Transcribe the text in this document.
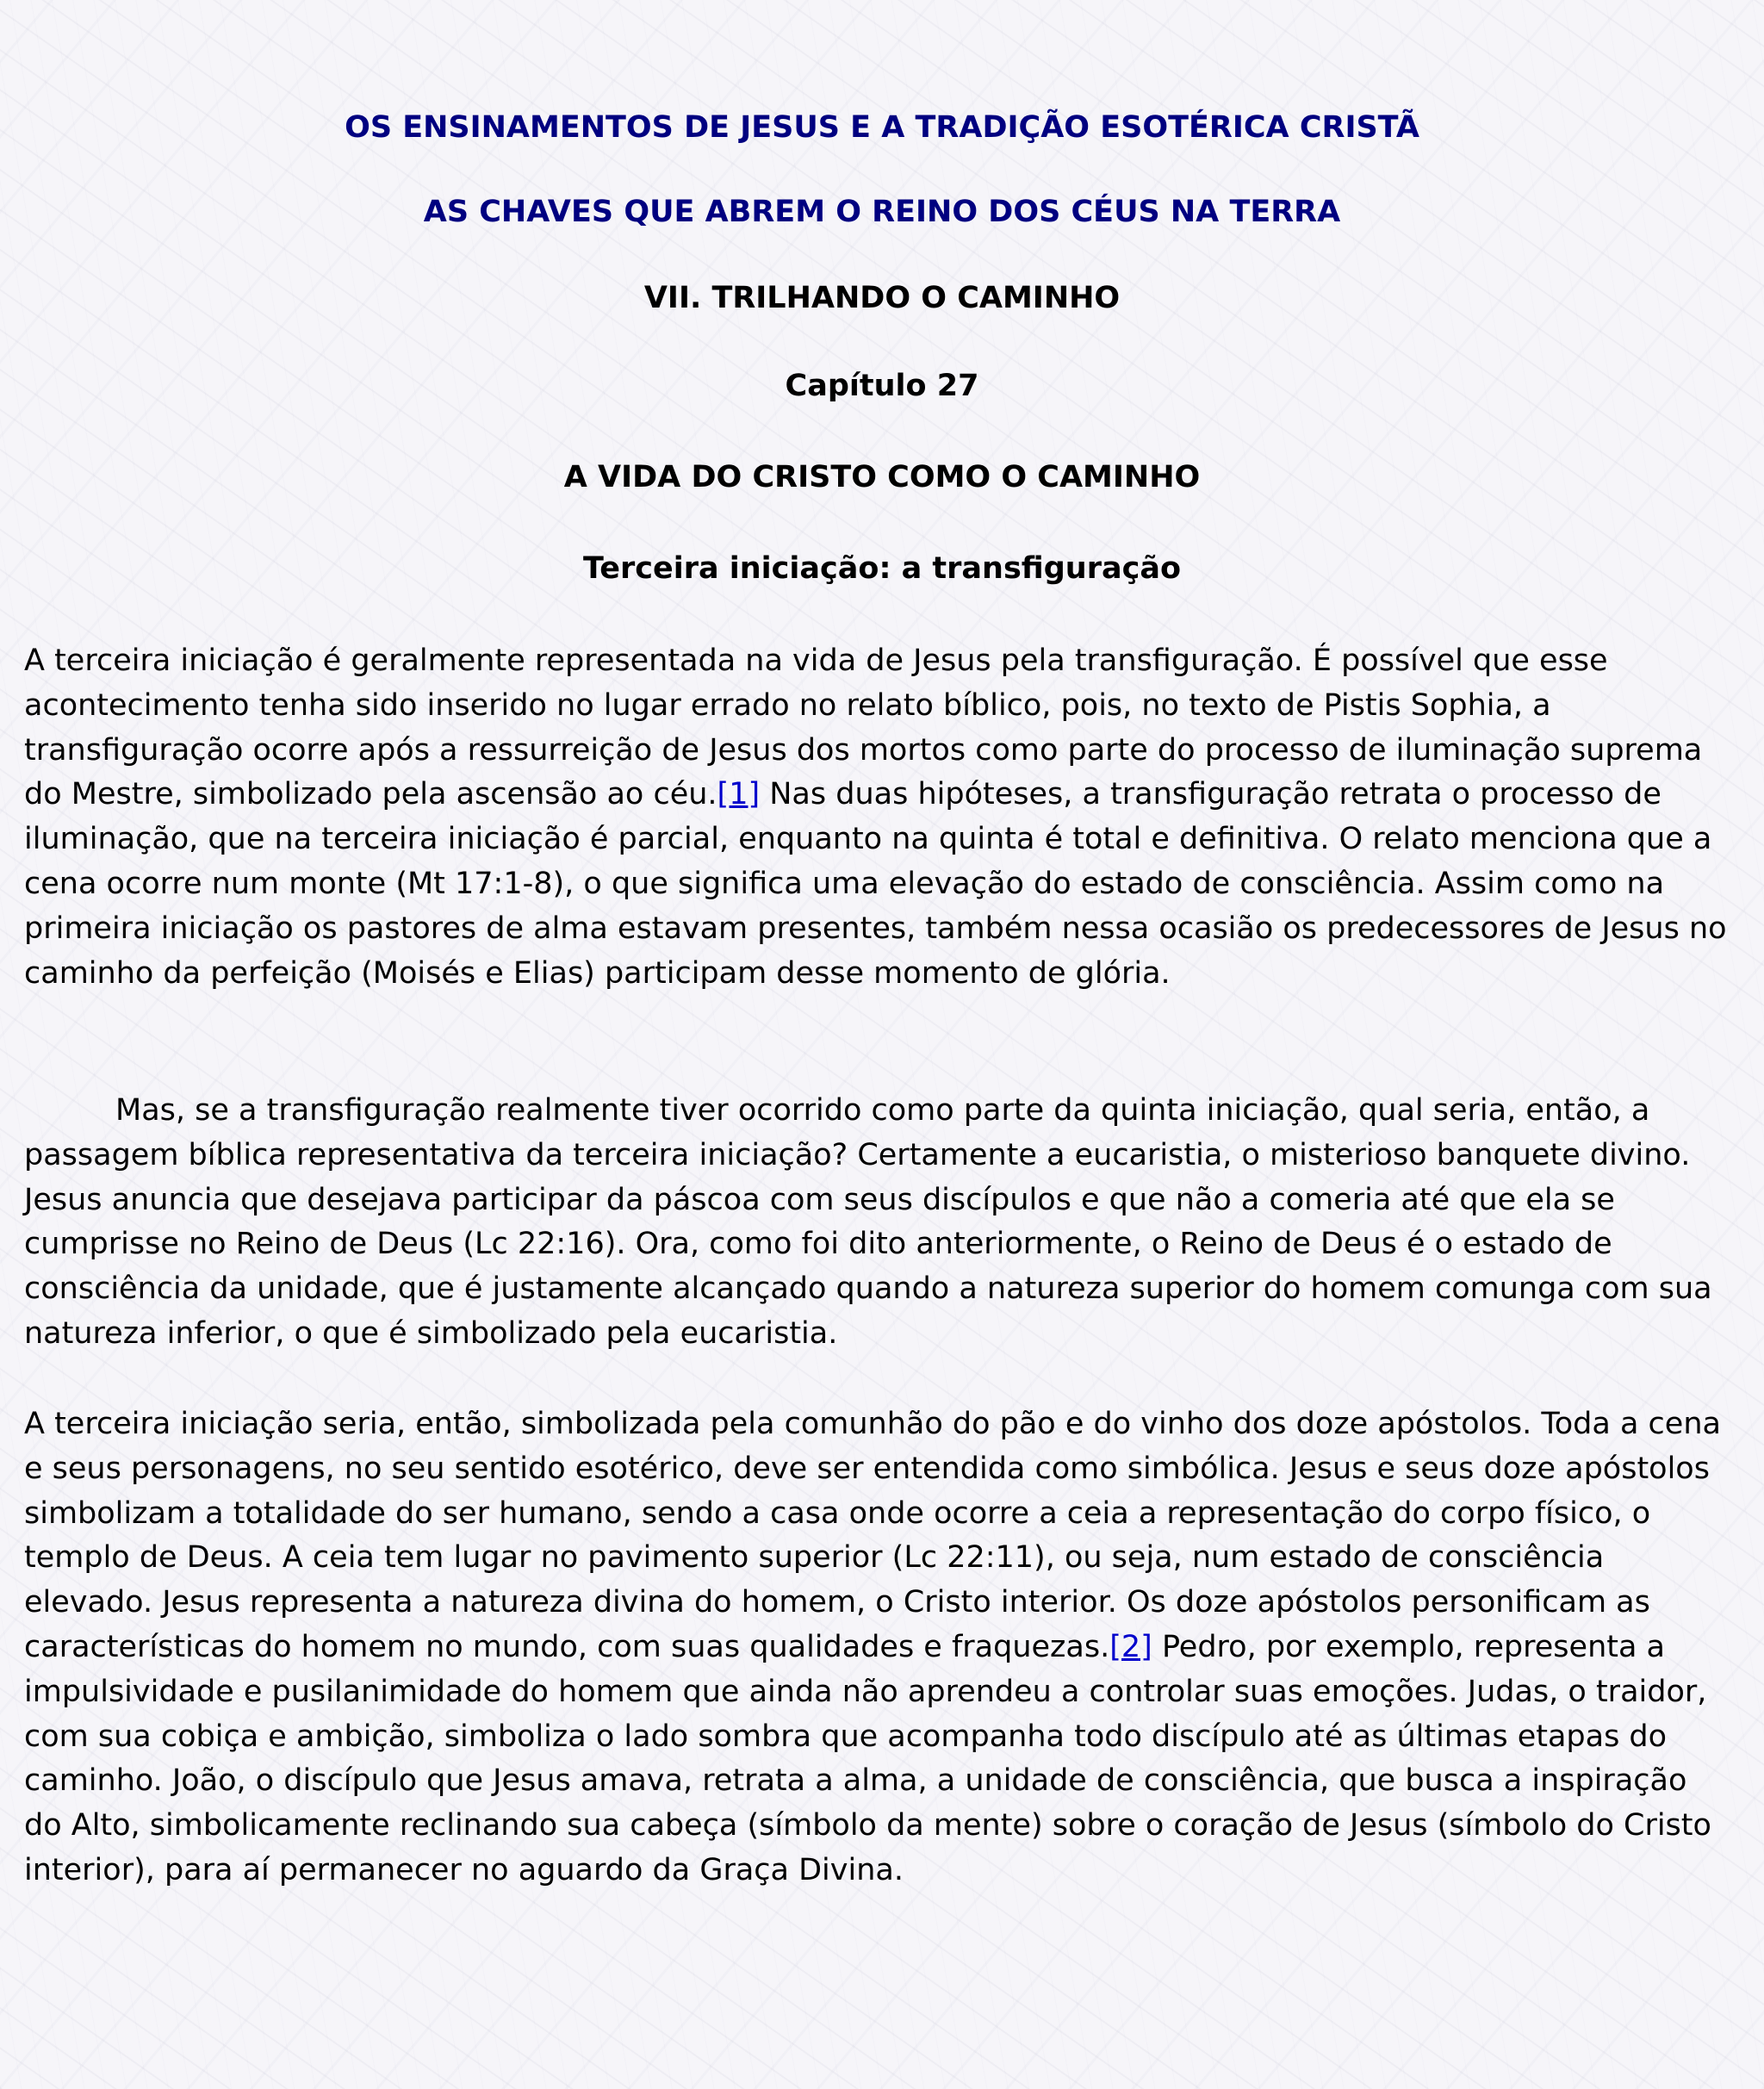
OS ENSINAMENTOS DE JESUS E A TRADIÇÃO ESOTÉRICA CRISTÃ
AS CHAVES QUE ABREM O REINO DOS CÉUS NA TERRA
VII. TRILHANDO O CAMINHO
Capítulo 27
A VIDA DO CRISTO COMO O CAMINHO
Terceira iniciação: a transfiguração

A terceira iniciação é geralmente representada na vida de Jesus pela transfiguração. É possível que esse acontecimento tenha sido inserido no lugar errado no relato bíblico, pois, no texto de Pistis Sophia, a transfiguração ocorre após a ressurreição de Jesus dos mortos como parte do processo de iluminação suprema do Mestre, simbolizado pela ascensão ao céu.[1] Nas duas hipóteses, a transfiguração retrata o processo de iluminação, que na terceira iniciação é parcial, enquanto na quinta é total e definitiva. O relato menciona que a cena ocorre num monte (Mt 17:1-8), o que significa uma elevação do estado de consciência. Assim como na primeira iniciação os pastores de alma estavam presentes, também nessa ocasião os predecessores de Jesus no caminho da perfeição (Moisés e Elias) participam desse momento de glória.

Mas, se a transfiguração realmente tiver ocorrido como parte da quinta iniciação, qual seria, então, a passagem bíblica representativa da terceira iniciação? Certamente a eucaristia, o misterioso banquete divino. Jesus anuncia que desejava participar da páscoa com seus discípulos e que não a comeria até que ela se cumprisse no Reino de Deus (Lc 22:16). Ora, como foi dito anteriormente, o Reino de Deus é o estado de consciência da unidade, que é justamente alcançado quando a natureza superior do homem comunga com sua natureza inferior, o que é simbolizado pela eucaristia.

A terceira iniciação seria, então, simbolizada pela comunhão do pão e do vinho dos doze apóstolos. Toda a cena e seus personagens, no seu sentido esotérico, deve ser entendida como simbólica. Jesus e seus doze apóstolos simbolizam a totalidade do ser humano, sendo a casa onde ocorre a ceia a representação do corpo físico, o templo de Deus. A ceia tem lugar no pavimento superior (Lc 22:11), ou seja, num estado de consciência elevado. Jesus representa a natureza divina do homem, o Cristo interior. Os doze apóstolos personificam as características do homem no mundo, com suas qualidades e fraquezas.[2] Pedro, por exemplo, representa a impulsividade e pusilanimidade do homem que ainda não aprendeu a controlar suas emoções. Judas, o traidor, com sua cobiça e ambição, simboliza o lado sombra que acompanha todo discípulo até as últimas etapas do caminho. João, o discípulo que Jesus amava, retrata a alma, a unidade de consciência, que busca a inspiração do Alto, simbolicamente reclinando sua cabeça (símbolo da mente) sobre o coração de Jesus (símbolo do Cristo interior), para aí permanecer no aguardo da Graça Divina.
